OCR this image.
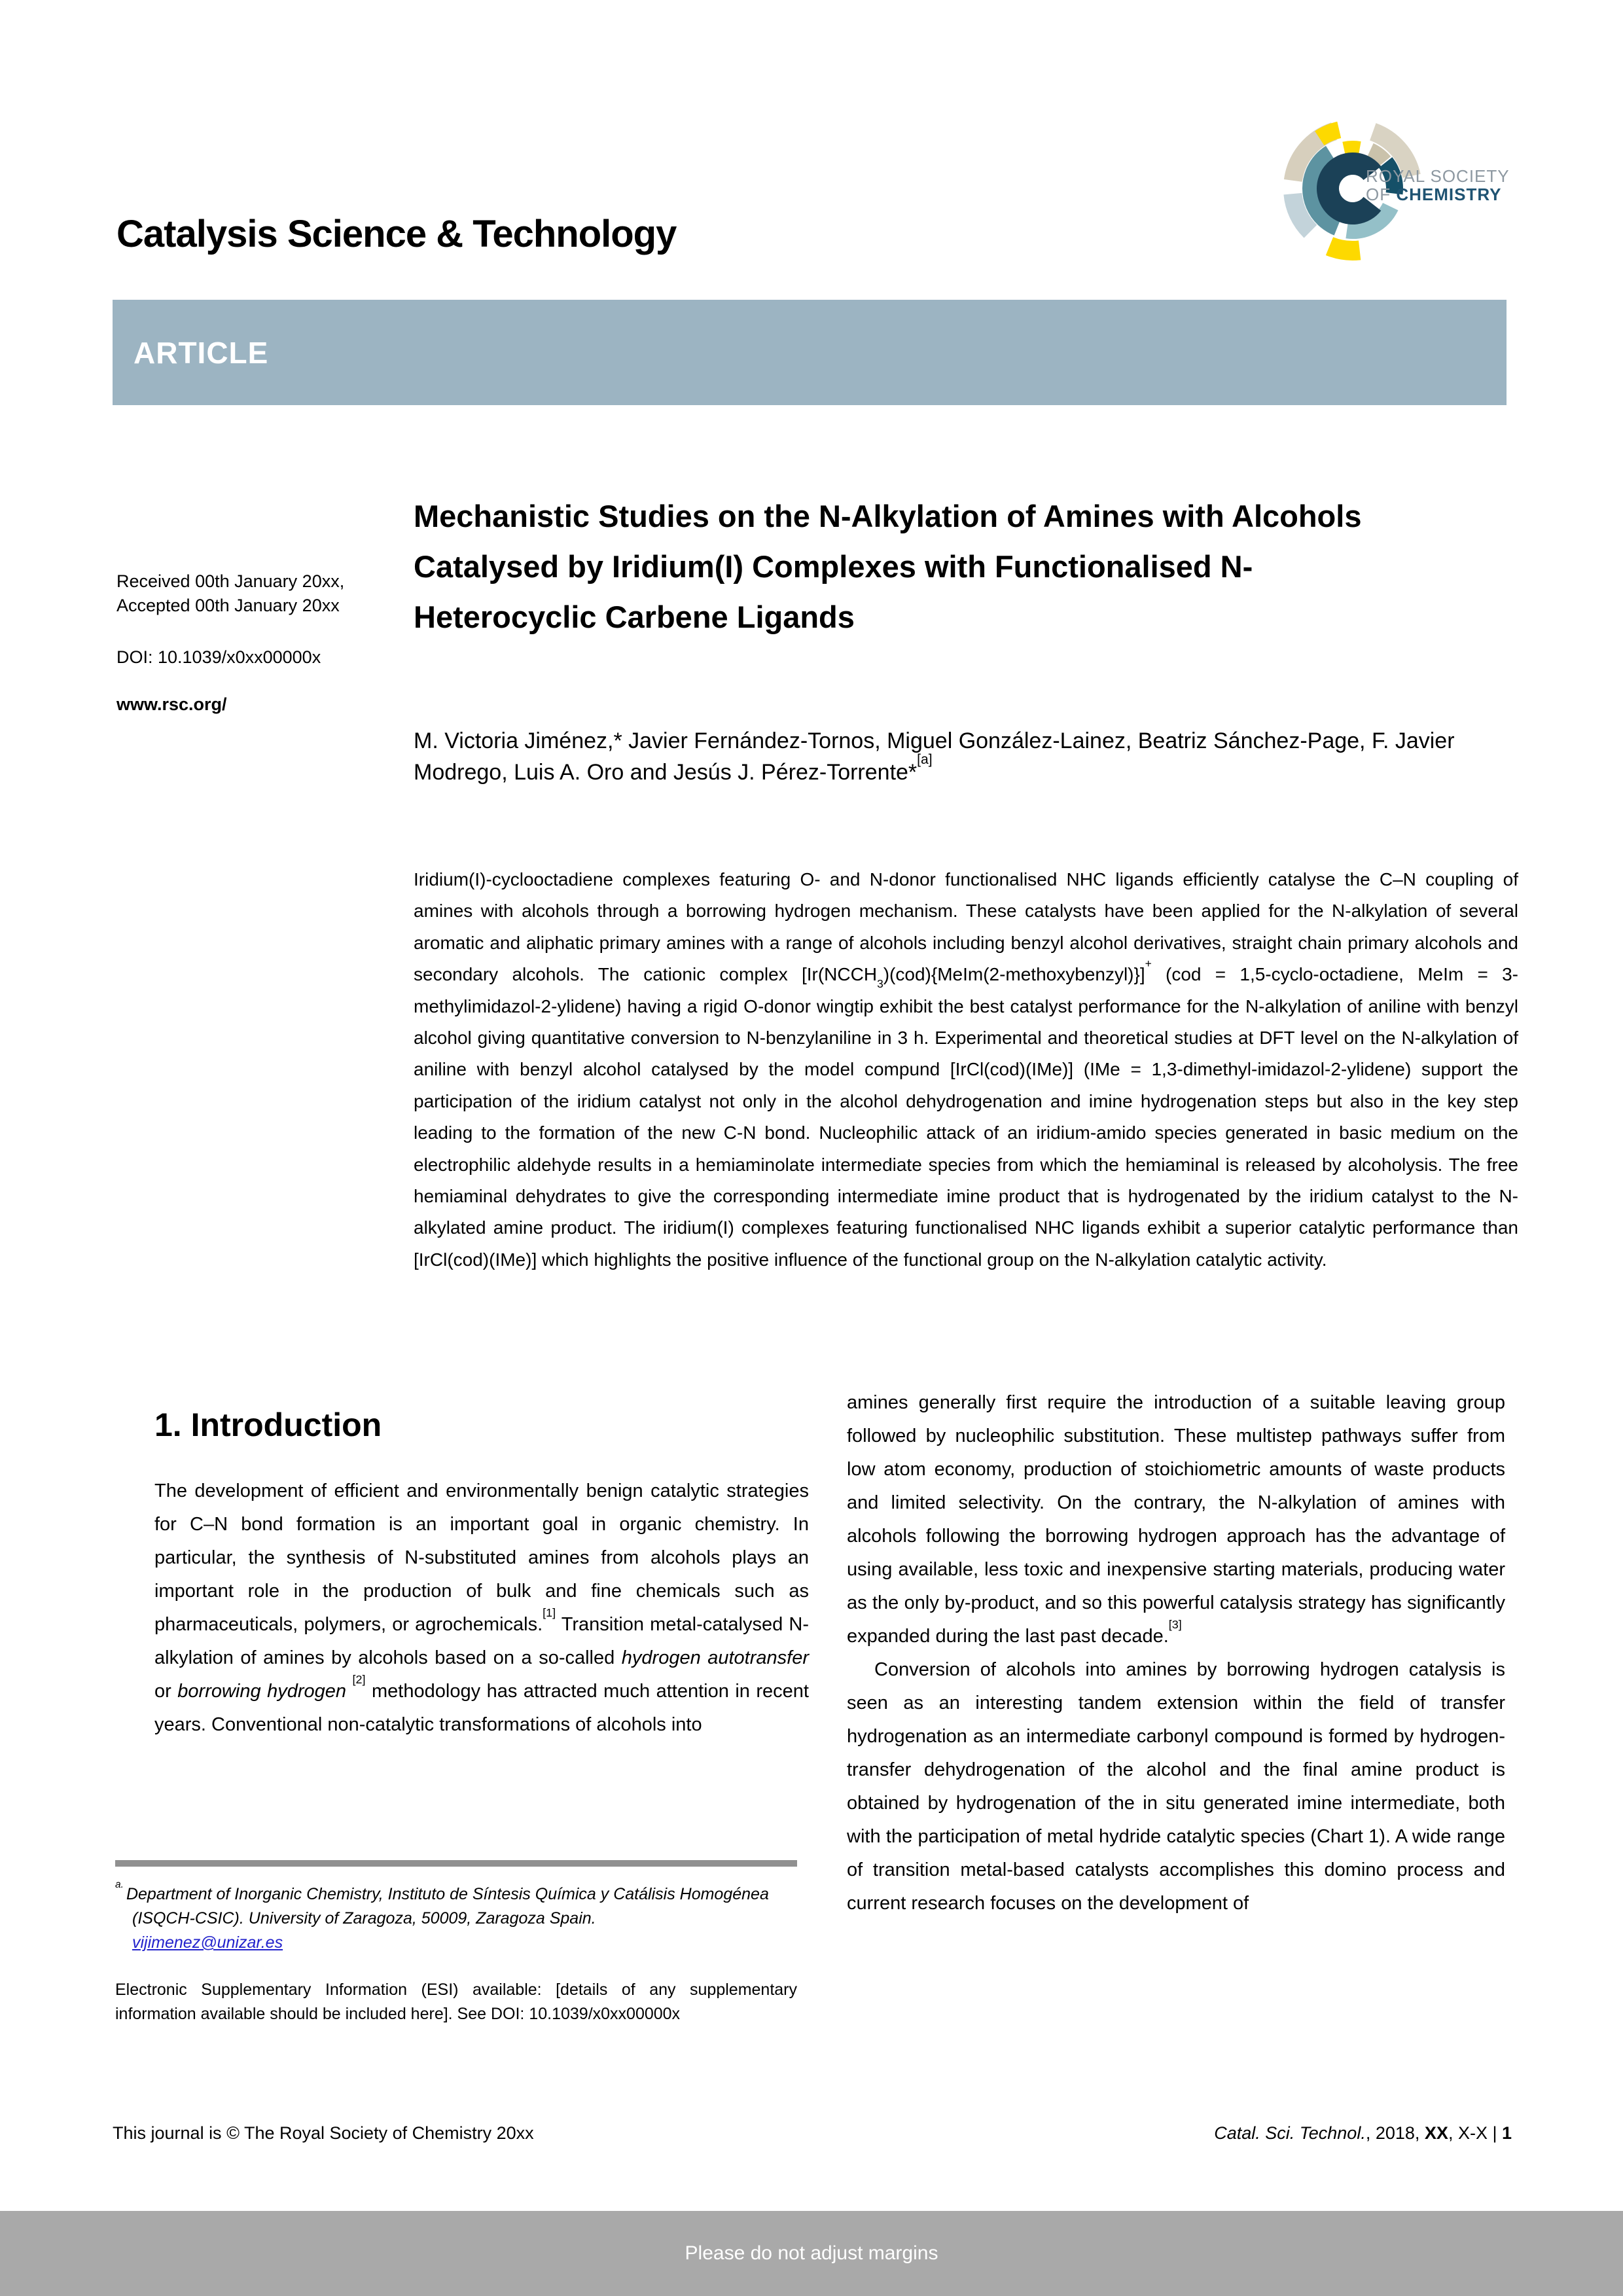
Catalysis Science & Technology
ROYAL SOCIETY
OF CHEMISTRY
ARTICLE
Mechanistic Studies on the N-Alkylation of Amines with Alcohols
Catalysed by Iridium(I) Complexes with Functionalised N-
Heterocyclic Carbene Ligands
Received 00th January 20xx,
Accepted 00th January 20xx
DOI: 10.1039/x0xx00000x
www.rsc.org/

M. Victoria Jiménez,* Javier Fernández-Tornos, Miguel González-Lainez, Beatriz Sánchez-Page, F. Javier Modrego, Luis A. Oro and Jesús J. Pérez-Torrente*[a]

Iridium(I)-cyclooctadiene complexes featuring O- and N-donor functionalised NHC ligands efficiently catalyse the C–N coupling of amines with alcohols through a borrowing hydrogen mechanism. These catalysts have been applied for the N-alkylation of several aromatic and aliphatic primary amines with a range of alcohols including benzyl alcohol derivatives, straight chain primary alcohols and secondary alcohols. The cationic complex $[Ir(NCCH_3)(cod)\{MeIm(2-methoxybenzyl)\}]^+$ (cod = 1,5-cyclo-octadiene, MeIm = 3-methylimidazol-2-ylidene) having a rigid O-donor wingtip exhibit the best catalyst performance for the N-alkylation of aniline with benzyl alcohol giving quantitative conversion to N-benzylaniline in 3 h. Experimental and theoretical studies at DFT level on the N-alkylation of aniline with benzyl alcohol catalysed by the model compund [IrCl(cod)(IMe)] (IMe = 1,3-dimethyl-imidazol-2-ylidene) support the participation of the iridium catalyst not only in the alcohol dehydrogenation and imine hydrogenation steps but also in the key step leading to the formation of the new C-N bond. Nucleophilic attack of an iridium-amido species generated in basic medium on the electrophilic aldehyde results in a hemiaminolate intermediate species from which the hemiaminal is released by alcoholysis. The free hemiaminal dehydrates to give the corresponding intermediate imine product that is hydrogenated by the iridium catalyst to the N-alkylated amine product. The iridium(I) complexes featuring functionalised NHC ligands exhibit a superior catalytic performance than [IrCl(cod)(IMe)] which highlights the positive influence of the functional group on the N-alkylation catalytic activity.

1. Introduction

The development of efficient and environmentally benign catalytic strategies for C–N bond formation is an important goal in organic chemistry. In particular, the synthesis of N-substituted amines from alcohols plays an important role in the production of bulk and fine chemicals such as pharmaceuticals, polymers, or agrochemicals.[1] Transition metal-catalysed N-alkylation of amines by alcohols based on a so-called hydrogen autotransfer or borrowing hydrogen [2] methodology has attracted much attention in recent years. Conventional non-catalytic transformations of alcohols into

amines generally first require the introduction of a suitable leaving group followed by nucleophilic substitution. These multistep pathways suffer from low atom economy, production of stoichiometric amounts of waste products and limited selectivity. On the contrary, the N-alkylation of amines with alcohols following the borrowing hydrogen approach has the advantage of using available, less toxic and inexpensive starting materials, producing water as the only by-product, and so this powerful catalysis strategy has significantly expanded during the last past decade.[3]

Conversion of alcohols into amines by borrowing hydrogen catalysis is seen as an interesting tandem extension within the field of transfer hydrogenation as an intermediate carbonyl compound is formed by hydrogen-transfer dehydrogenation of the alcohol and the final amine product is obtained by hydrogenation of the in situ generated imine intermediate, both with the participation of metal hydride catalytic species (Chart 1). A wide range of transition metal-based catalysts accomplishes this domino process and current research focuses on the development of

$^{a.}$Department of Inorganic Chemistry, Instituto de Síntesis Química y Catálisis Homogénea (ISQCH-CSIC). University of Zaragoza, 50009, Zaragoza Spain.
vijimenez@unizar.es

Electronic Supplementary Information (ESI) available: [details of any supplementary information available should be included here]. See DOI: 10.1039/x0xx00000x

This journal is © The Royal Society of Chemistry 20xx	Catal. Sci. Technol., 2018, XX, X-X | 1
Please do not adjust margins
